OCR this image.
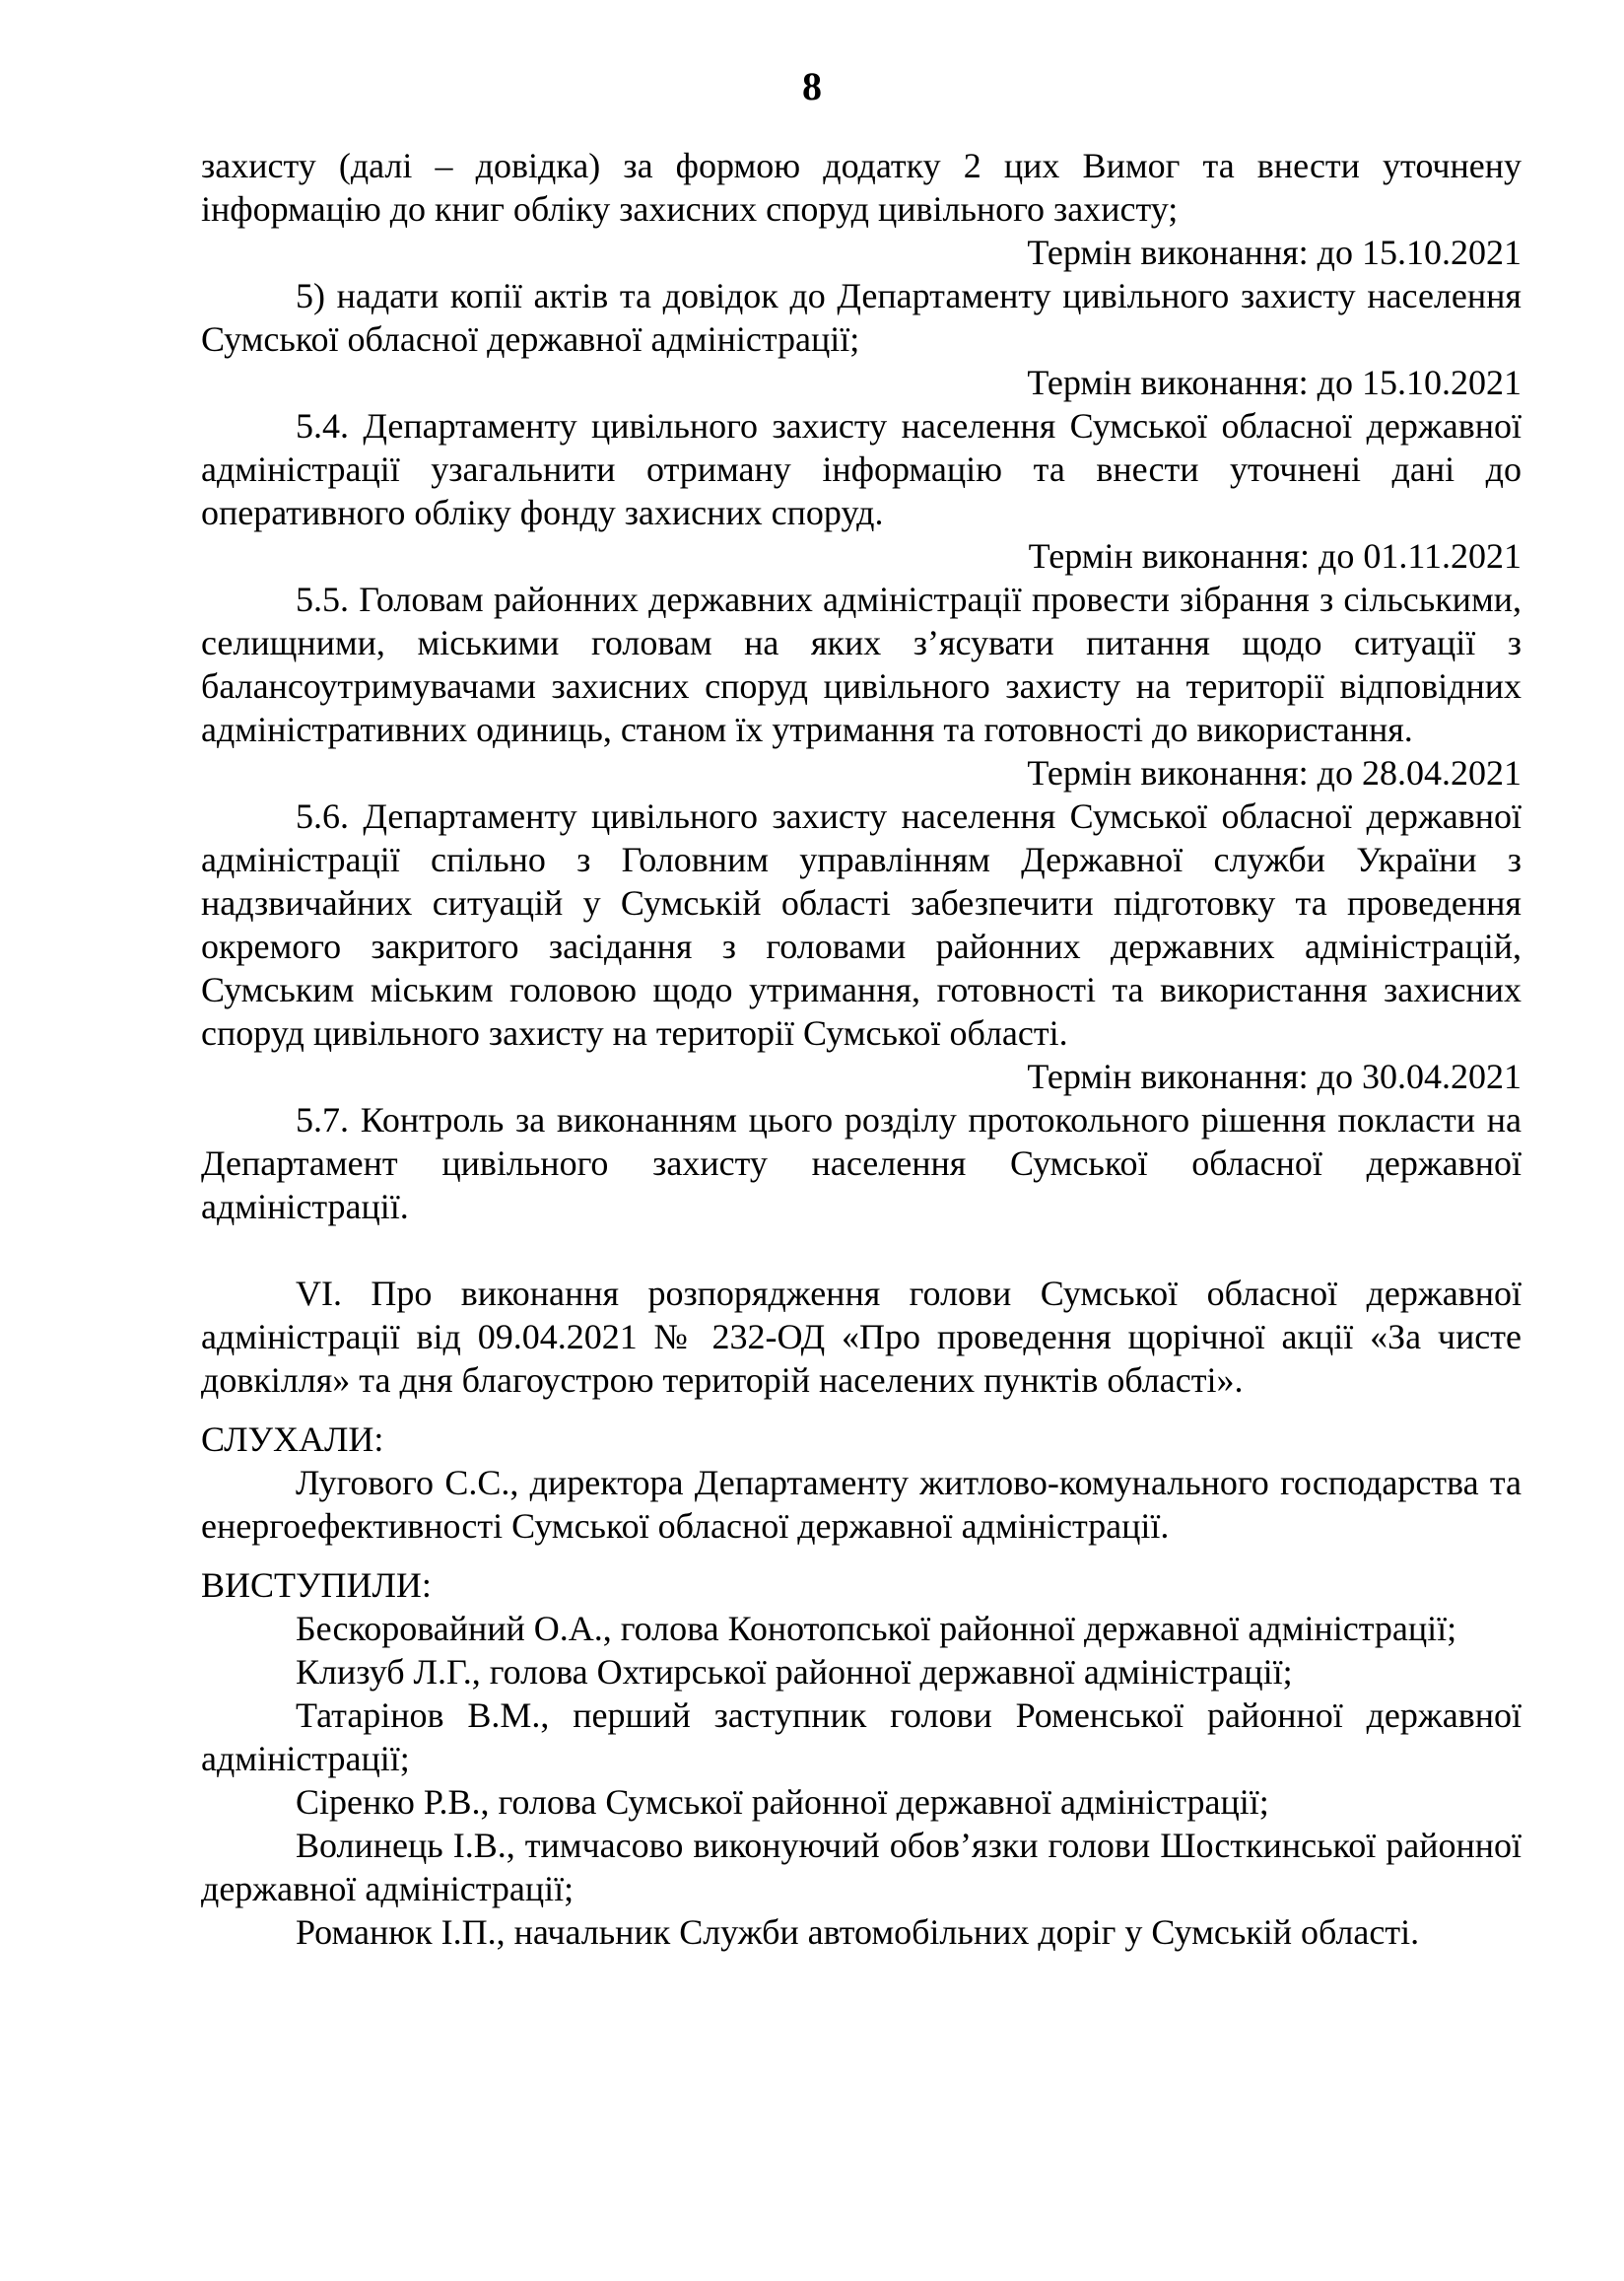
8

захисту (далі – довідка) за формою додатку 2 цих Вимог та внести уточнену інформацію до книг обліку захисних споруд цивільного захисту;

Термін виконання: до 15.10.2021

5) надати копії актів та довідок до Департаменту цивільного захисту населення Сумської обласної державної адміністрації;

Термін виконання: до 15.10.2021

5.4. Департаменту цивільного захисту населення Сумської обласної державної адміністрації узагальнити отриману інформацію та внести уточнені дані до оперативного обліку фонду захисних споруд.

Термін виконання: до 01.11.2021

5.5. Головам районних державних адміністрації провести зібрання з сільськими, селищними, міськими головам на яких з’ясувати питання щодо ситуації з балансоутримувачами захисних споруд цивільного захисту на території відповідних адміністративних одиниць, станом їх утримання та готовності до використання.

Термін виконання: до 28.04.2021

5.6. Департаменту цивільного захисту населення Сумської обласної державної адміністрації спільно з Головним управлінням Державної служби України з надзвичайних ситуацій у Сумській області забезпечити підготовку та проведення окремого закритого засідання з головами районних державних адміністрацій, Сумським міським головою щодо утримання, готовності та використання захисних споруд цивільного захисту на території Сумської області.

Термін виконання: до 30.04.2021

5.7. Контроль за виконанням цього розділу протокольного рішення покласти на Департамент цивільного захисту населення Сумської обласної державної адміністрації.

VI. Про виконання розпорядження голови Сумської обласної державної адміністрації від 09.04.2021 № 232-ОД «Про проведення щорічної акції «За чисте довкілля» та дня благоустрою територій населених пунктів області».

СЛУХАЛИ:

Лугового С.С., директора Департаменту житлово-комунального господарства та енергоефективності Сумської обласної державної адміністрації.

ВИСТУПИЛИ:

Бескоровайний О.А., голова Конотопської районної державної адміністрації;

Клизуб Л.Г., голова Охтирської районної державної адміністрації;

Татарінов В.М., перший заступник голови Роменської районної державної адміністрації;

Сіренко Р.В., голова Сумської районної державної адміністрації;

Волинець І.В., тимчасово виконуючий обов’язки голови Шосткинської районної державної адміністрації;

Романюк І.П., начальник Служби автомобільних доріг у Сумській області.
